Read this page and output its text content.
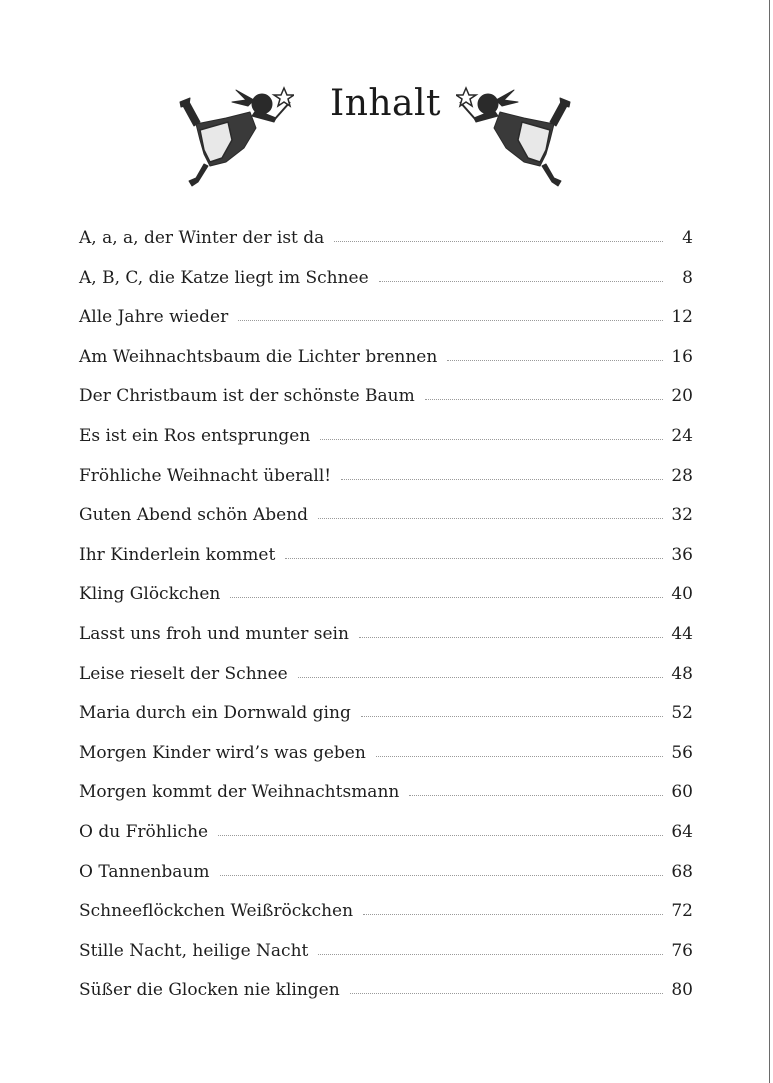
Inhalt
A, a, a, der Winter der ist da	4
A, B, C, die Katze liegt im Schnee	8
Alle Jahre wieder	12
Am Weihnachtsbaum die Lichter brennen	16
Der Christbaum ist der schönste Baum	20
Es ist ein Ros entsprungen	24
Fröhliche Weihnacht überall!	28
Guten Abend schön Abend	32
Ihr Kinderlein kommet	36
Kling Glöckchen	40
Lasst uns froh und munter sein	44
Leise rieselt der Schnee	48
Maria durch ein Dornwald ging	52
Morgen Kinder wird’s was geben	56
Morgen kommt der Weihnachtsmann	60
O du Fröhliche	64
O Tannenbaum	68
Schneeflöckchen Weißröckchen	72
Stille Nacht, heilige Nacht	76
Süßer die Glocken nie klingen	80
